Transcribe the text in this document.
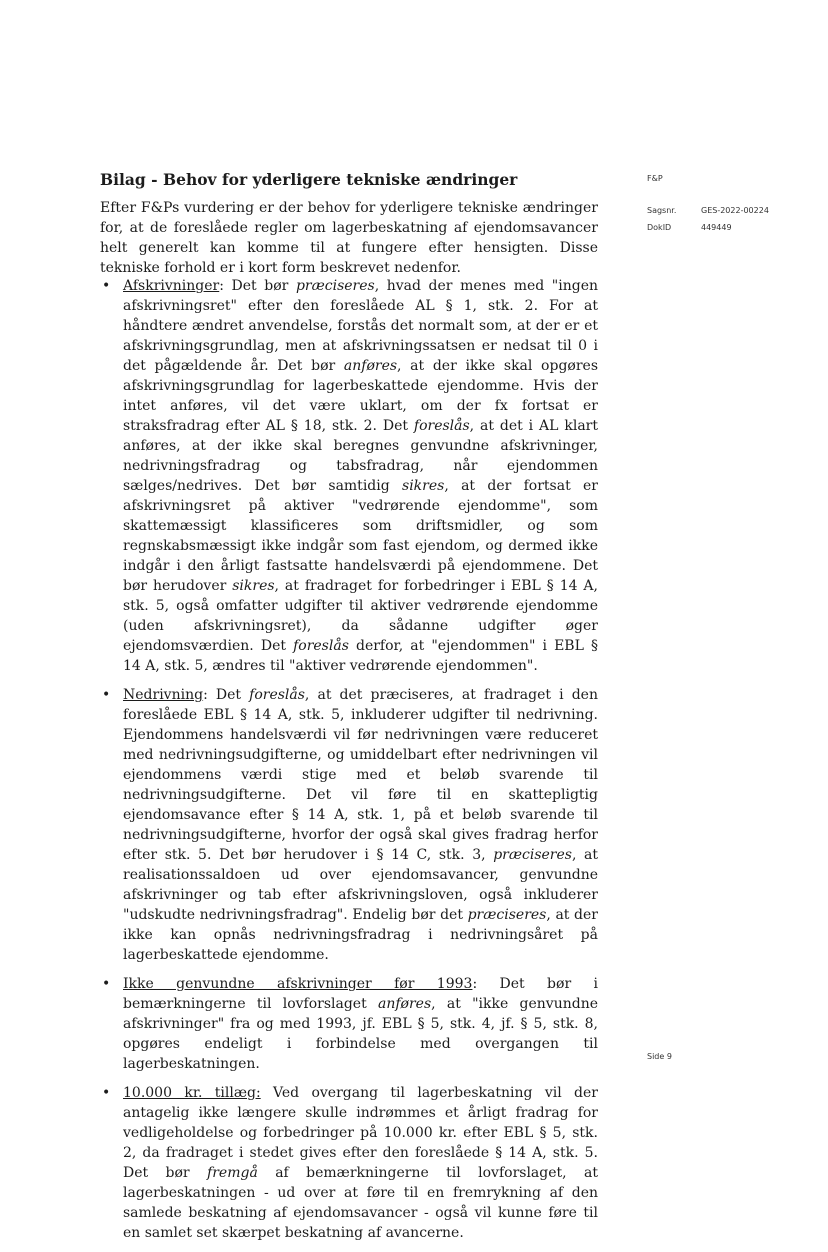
Bilag - Behov for yderligere tekniske ændringer

Efter F&Ps vurdering er der behov for yderligere tekniske ændringer for, at de foreslåede regler om lagerbeskatning af ejendomsavancer helt generelt kan komme til at fungere efter hensigten. Disse tekniske forhold er i kort form beskrevet nedenfor.

• Afskrivninger: Det bør præciseres, hvad der menes med "ingen afskrivningsret" efter den foreslåede AL § 1, stk. 2. For at håndtere ændret anvendelse, forstås det normalt som, at der er et afskrivningsgrundlag, men at afskrivningssatsen er nedsat til 0 i det pågældende år. Det bør anføres, at der ikke skal opgøres afskrivningsgrundlag for lagerbeskattede ejendomme. Hvis der intet anføres, vil det være uklart, om der fx fortsat er straksfradrag efter AL § 18, stk. 2. Det foreslås, at det i AL klart anføres, at der ikke skal beregnes genvundne afskrivninger, nedrivningsfradrag og tabsfradrag, når ejendommen sælges/nedrives. Det bør samtidig sikres, at der fortsat er afskrivningsret på aktiver "vedrørende ejendomme", som skattemæssigt klassificeres som driftsmidler, og som regnskabsmæssigt ikke indgår som fast ejendom, og dermed ikke indgår i den årligt fastsatte handelsværdi på ejendommene. Det bør herudover sikres, at fradraget for forbedringer i EBL § 14 A, stk. 5, også omfatter udgifter til aktiver vedrørende ejendomme (uden afskrivningsret), da sådanne udgifter øger ejendomsværdien. Det foreslås derfor, at "ejendommen" i EBL § 14 A, stk. 5, ændres til "aktiver vedrørende ejendommen".
• Nedrivning: Det foreslås, at det præciseres, at fradraget i den foreslåede EBL § 14 A, stk. 5, inkluderer udgifter til nedrivning. Ejendommens handelsværdi vil før nedrivningen være reduceret med nedrivningsudgifterne, og umiddelbart efter nedrivningen vil ejendommens værdi stige med et beløb svarende til nedrivningsudgifterne. Det vil føre til en skattepligtig ejendomsavance efter § 14 A, stk. 1, på et beløb svarende til nedrivningsudgifterne, hvorfor der også skal gives fradrag herfor efter stk. 5. Det bør herudover i § 14 C, stk. 3, præciseres, at realisationssaldoen ud over ejendomsavancer, genvundne afskrivninger og tab efter afskrivningsloven, også inkluderer "udskudte nedrivningsfradrag". Endelig bør det præciseres, at der ikke kan opnås nedrivningsfradrag i nedrivningsåret på lagerbeskattede ejendomme.
• Ikke genvundne afskrivninger før 1993: Det bør i bemærkningerne til lovforslaget anføres, at "ikke genvundne afskrivninger" fra og med 1993, jf. EBL § 5, stk. 4, jf. § 5, stk. 8, opgøres endeligt i forbindelse med overgangen til lagerbeskatningen.
• 10.000 kr. tillæg: Ved overgang til lagerbeskatning vil der antagelig ikke længere skulle indrømmes et årligt fradrag for vedligeholdelse og forbedringer på 10.000 kr. efter EBL § 5, stk. 2, da fradraget i stedet gives efter den foreslåede § 14 A, stk. 5. Det bør fremgå af bemærkningerne til lovforslaget, at lagerbeskatningen - ud over at føre til en fremrykning af den samlede beskatning af ejendomsavancer - også vil kunne føre til en samlet set skærpet beskatning af avancerne.
F&P
Sagsnr.	GES-2022-00224
DokID	449449
Side 9
